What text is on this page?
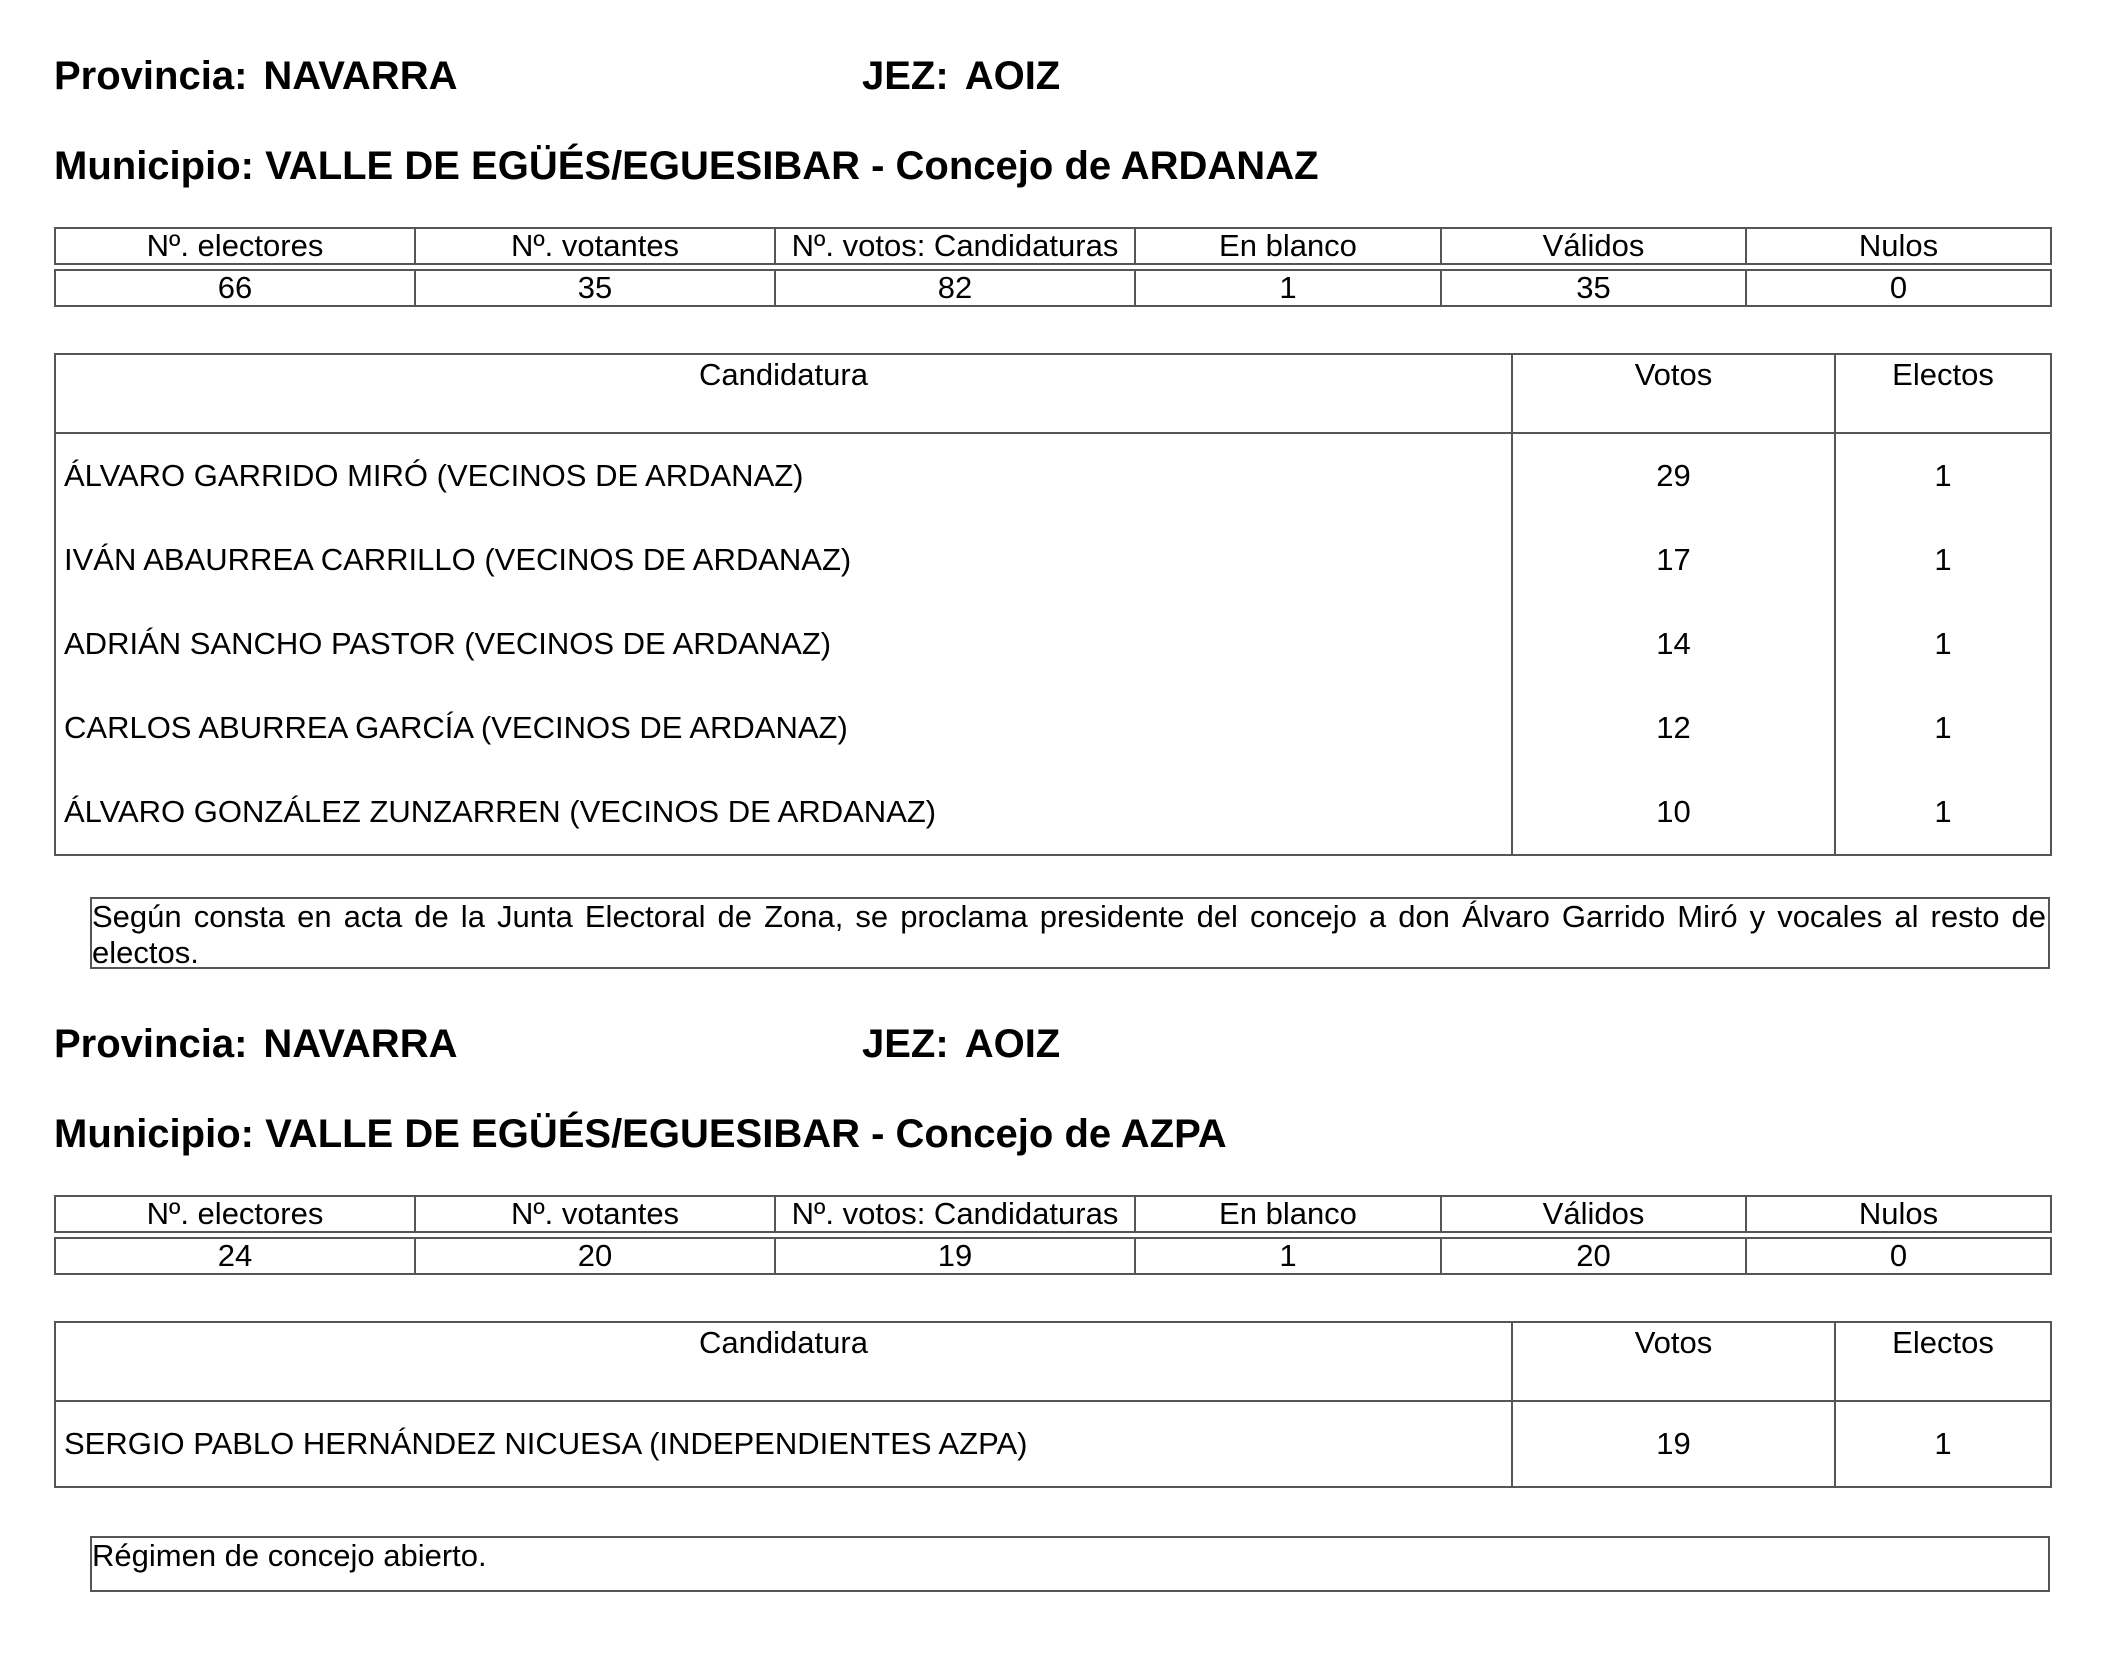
Provincia: NAVARRA	JEZ: AOIZ
Municipio: VALLE DE EGÜÉS/EGUESIBAR - Concejo de ARDANAZ
Nº. electores	Nº. votantes	Nº. votos: Candidaturas	En blanco	Válidos	Nulos
66	35	82	1	35	0
Candidatura	Votos	Electos
ÁLVARO GARRIDO MIRÓ (VECINOS DE ARDANAZ)	29	1
IVÁN ABAURREA CARRILLO (VECINOS DE ARDANAZ)	17	1
ADRIÁN SANCHO PASTOR (VECINOS DE ARDANAZ)	14	1
CARLOS ABURREA GARCÍA (VECINOS DE ARDANAZ)	12	1
ÁLVARO GONZÁLEZ ZUNZARREN (VECINOS DE ARDANAZ)	10	1
Según consta en acta de la Junta Electoral de Zona, se proclama presidente del concejo a don Álvaro Garrido Miró y vocales al resto de electos.
Provincia: NAVARRA	JEZ: AOIZ
Municipio: VALLE DE EGÜÉS/EGUESIBAR - Concejo de AZPA
Nº. electores	Nº. votantes	Nº. votos: Candidaturas	En blanco	Válidos	Nulos
24	20	19	1	20	0
Candidatura	Votos	Electos
SERGIO PABLO HERNÁNDEZ NICUESA (INDEPENDIENTES AZPA)	19	1
Régimen de concejo abierto.
